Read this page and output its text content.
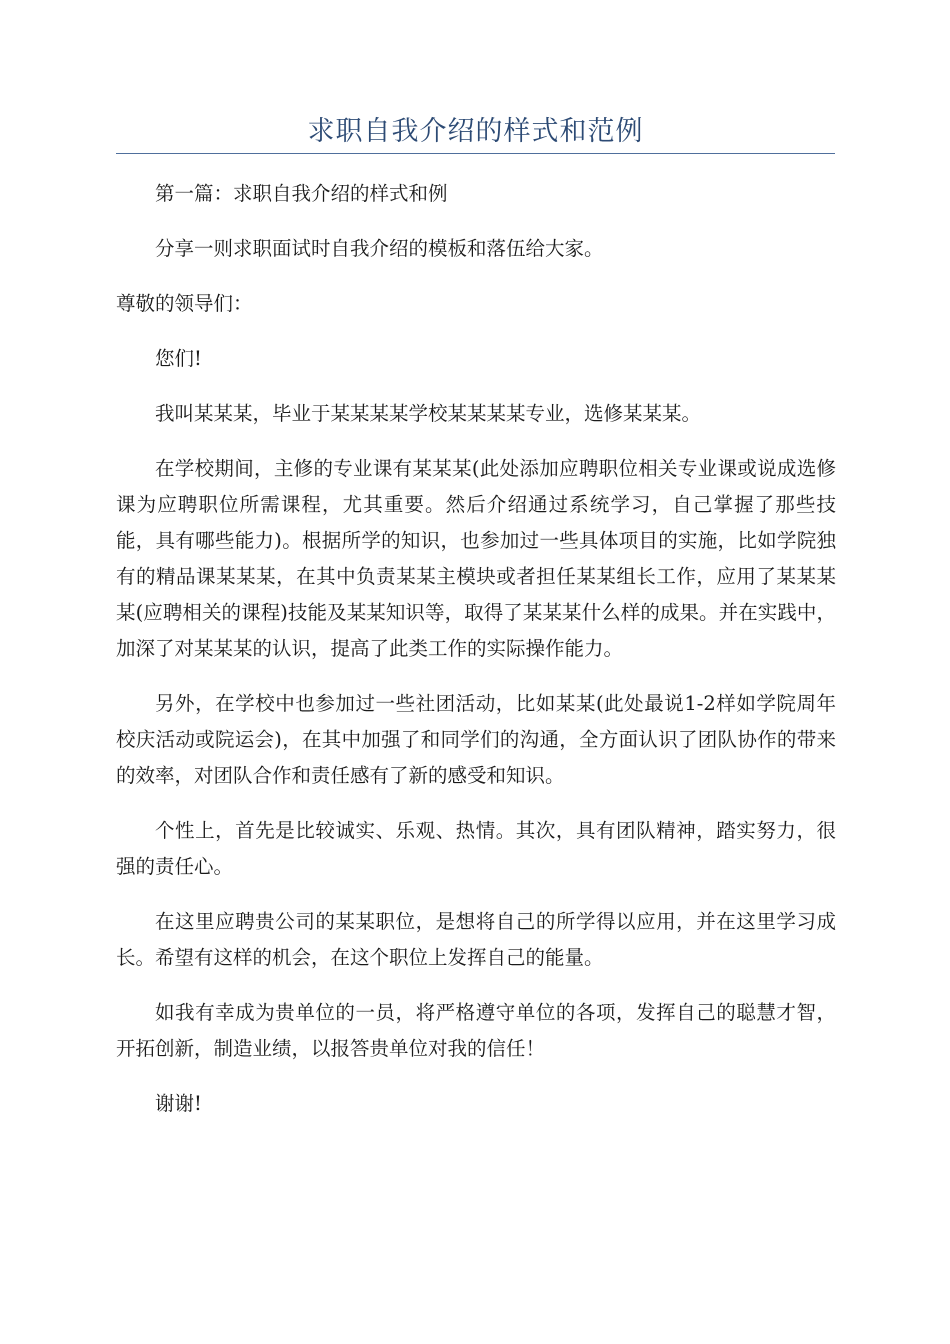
求职自我介绍的样式和范例

第一篇：求职自我介绍的样式和例

分享一则求职面试时自我介绍的模板和落伍给大家。

尊敬的领导们：

您们!

我叫某某某，毕业于某某某某学校某某某某专业，选修某某某。

在学校期间，主修的专业课有某某某(此处添加应聘职位相关专业课或说成选修课为应聘职位所需课程，尤其重要。然后介绍通过系统学习，自己掌握了那些技能，具有哪些能力)。根据所学的知识，也参加过一些具体项目的实施，比如学院独有的精品课某某某，在其中负责某某主模块或者担任某某组长工作，应用了某某某某(应聘相关的课程)技能及某某知识等，取得了某某某什么样的成果。并在实践中，加深了对某某某的认识，提高了此类工作的实际操作能力。

另外，在学校中也参加过一些社团活动，比如某某(此处最说1-2样如学院周年校庆活动或院运会)，在其中加强了和同学们的沟通，全方面认识了团队协作的带来的效率，对团队合作和责任感有了新的感受和知识。

个性上，首先是比较诚实、乐观、热情。其次，具有团队精神，踏实努力，很强的责任心。

在这里应聘贵公司的某某职位，是想将自己的所学得以应用，并在这里学习成长。希望有这样的机会，在这个职位上发挥自己的能量。

如我有幸成为贵单位的一员，将严格遵守单位的各项，发挥自己的聪慧才智，开拓创新，制造业绩，以报答贵单位对我的信任！

谢谢!
